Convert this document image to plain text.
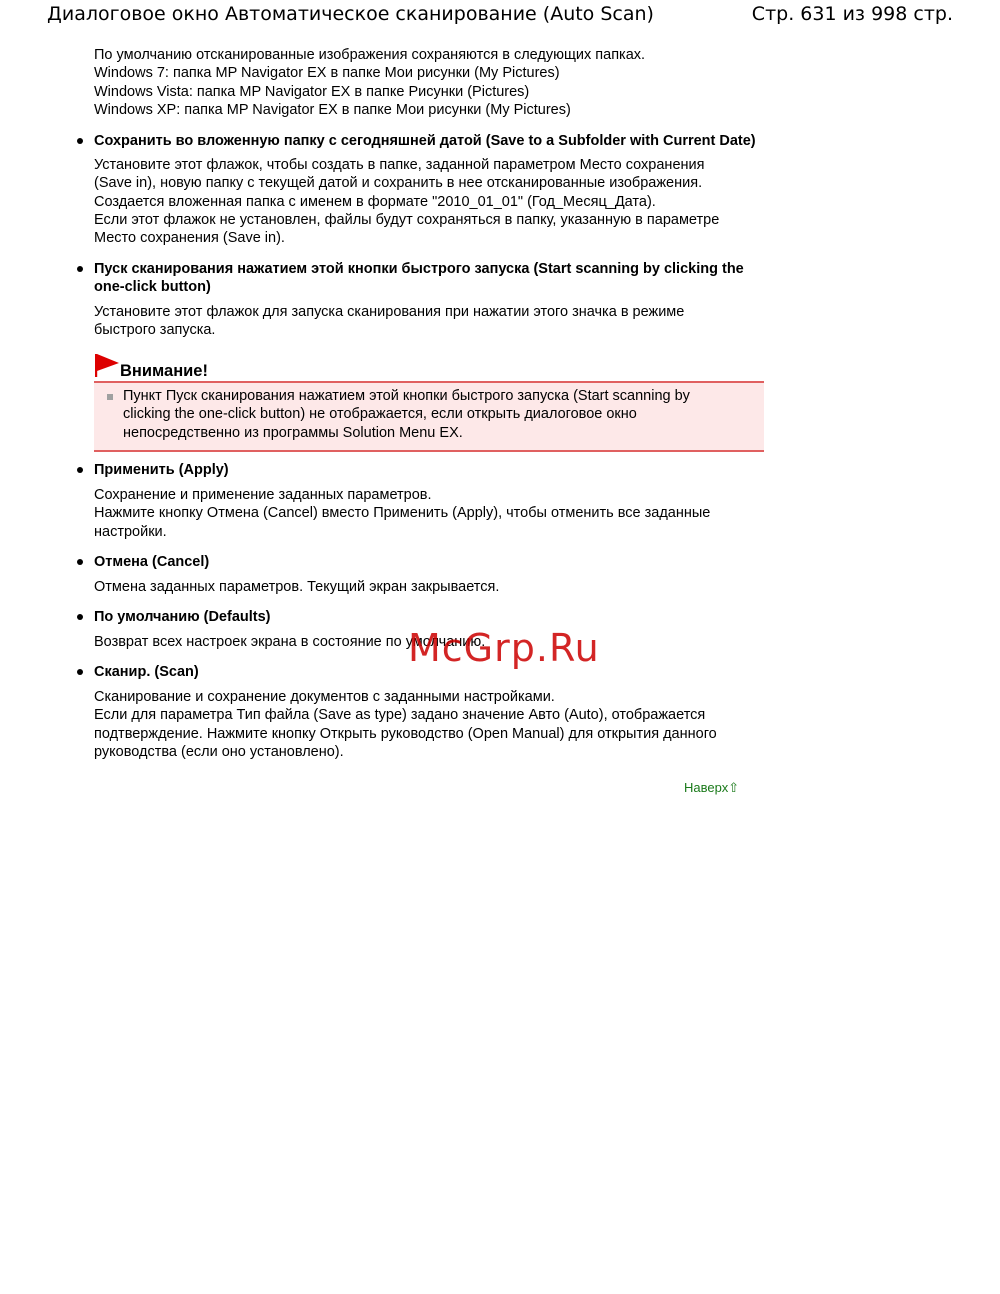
Диалоговое окно Автоматическое сканирование (Auto Scan)	Стр. 631 из 998 стр.
По умолчанию отсканированные изображения сохраняются в следующих папках.
Windows 7: папка MP Navigator EX в папке Мои рисунки (My Pictures)
Windows Vista: папка MP Navigator EX в папке Рисунки (Pictures)
Windows XP: папка MP Navigator EX в папке Мои рисунки (My Pictures)
Сохранить во вложенную папку с сегодняшней датой (Save to a Subfolder with Current Date)
Установите этот флажок, чтобы создать в папке, заданной параметром Место сохранения
(Save in), новую папку с текущей датой и сохранить в нее отсканированные изображения.
Создается вложенная папка с именем в формате "2010_01_01" (Год_Месяц_Дата).
Если этот флажок не установлен, файлы будут сохраняться в папку, указанную в параметре
Место сохранения (Save in).
Пуск сканирования нажатием этой кнопки быстрого запуска (Start scanning by clicking the
one-click button)
Установите этот флажок для запуска сканирования при нажатии этого значка в режиме
быстрого запуска.
Внимание!
Пункт Пуск сканирования нажатием этой кнопки быстрого запуска (Start scanning by
clicking the one-click button) не отображается, если открыть диалоговое окно
непосредственно из программы Solution Menu EX.
Применить (Apply)
Сохранение и применение заданных параметров.
Нажмите кнопку Отмена (Cancel) вместо Применить (Apply), чтобы отменить все заданные
настройки.
Отмена (Cancel)
Отмена заданных параметров. Текущий экран закрывается.
По умолчанию (Defaults)
Возврат всех настроек экрана в состояние по умолчанию.
Сканир. (Scan)
Сканирование и сохранение документов с заданными настройками.
Если для параметра Тип файла (Save as type) задано значение Авто (Auto), отображается
подтверждение. Нажмите кнопку Открыть руководство (Open Manual) для открытия данного
руководства (если оно установлено).
Наверх⇧
McGrp.Ru
